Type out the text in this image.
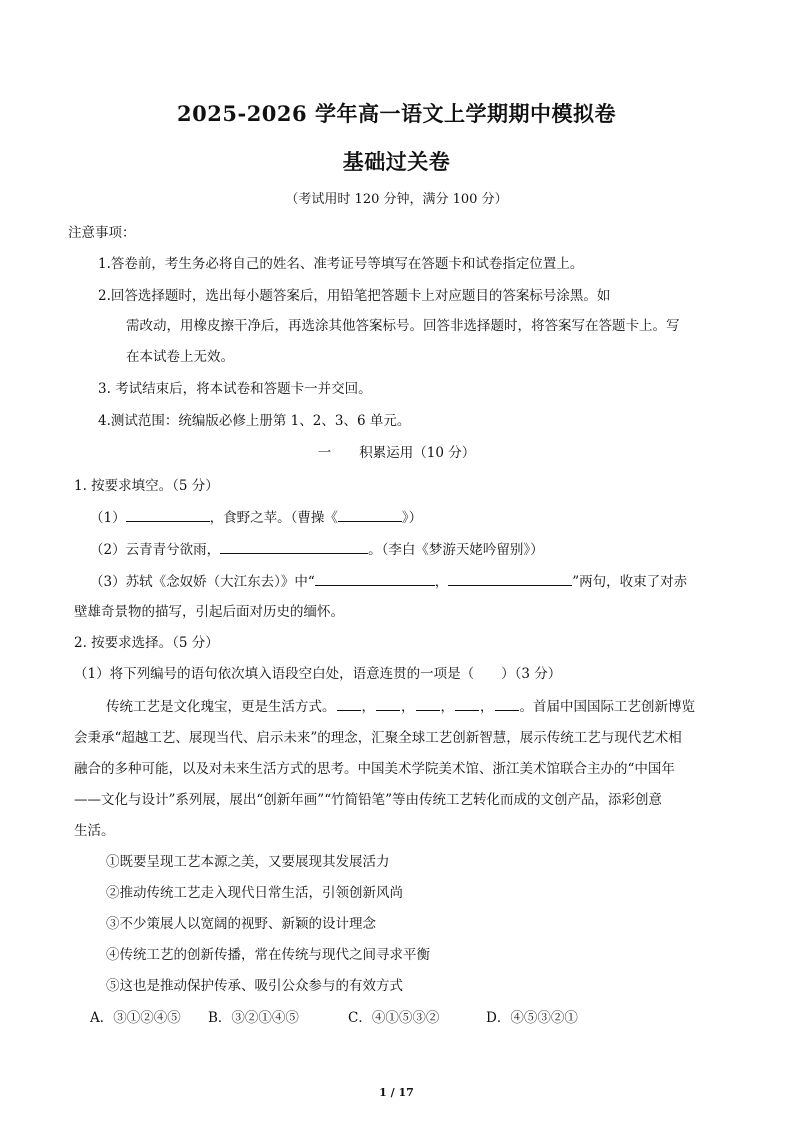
2025-2026 学年高一语文上学期期中模拟卷
基础过关卷
（考试用时 120 分钟，满分 100 分）
注意事项：
1.答卷前，考生务必将自己的姓名、准考证号等填写在答题卡和试卷指定位置上。
2.回答选择题时，选出每小题答案后，用铅笔把答题卡上对应题目的答案标号涂黑。如
需改动，用橡皮擦干净后，再选涂其他答案标号。回答非选择题时，将答案写在答题卡上。写
在本试卷上无效。
3. 考试结束后，将本试卷和答题卡一并交回。
4.测试范围：统编版必修上册第 1、2、3、6 单元。
一 积累运用（10 分）
1. 按要求填空。（5 分）
（1）	，食野之苹。（曹操《	》）
（2）云青青兮欲雨，	。（李白《梦游天姥吟留别》）
（3）苏轼《念奴娇（大江东去）》中“	，	”两句，收束了对赤
壁雄奇景物的描写，引起后面对历史的缅怀。
2. 按要求选择。（5 分）
（1）将下列编号的语句依次填入语段空白处，语意连贯的一项是（　　）（3 分）
传统工艺是文化瑰宝，更是生活方式。 ， ， ， ， 。首届中国国际工艺创新博览
会秉承“超越工艺、展现当代、启示未来”的理念，汇聚全球工艺创新智慧，展示传统工艺与现代艺术相
融合的多种可能，以及对未来生活方式的思考。中国美术学院美术馆、浙江美术馆联合主办的“中国年
——文化与设计”系列展，展出“创新年画”“竹简铅笔”等由传统工艺转化而成的文创产品，添彩创意
生活。
①既要呈现工艺本源之美，又要展现其发展活力
②推动传统工艺走入现代日常生活，引领创新风尚
③不少策展人以宽阔的视野、新颖的设计理念
④传统工艺的创新传播，常在传统与现代之间寻求平衡
⑤这也是推动保护传承、吸引公众参与的有效方式
A．③①②④⑤ B．③②①④⑤	C．④①⑤③②	D．④⑤③②①
1 / 17
